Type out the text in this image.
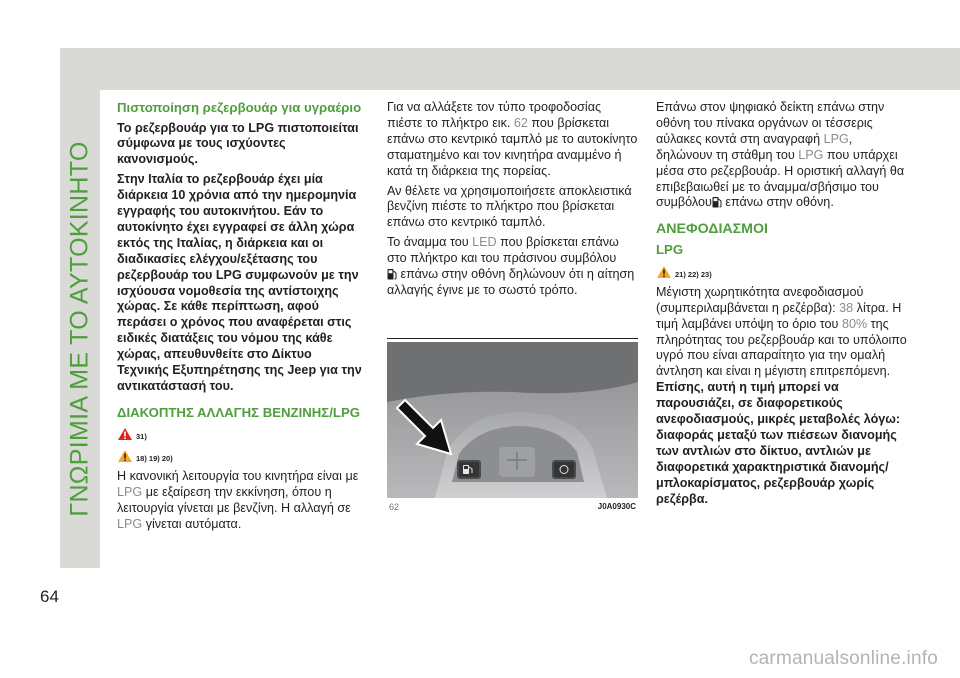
ΓΝΩΡΙΜΙΑ ΜΕ ΤΟ ΑΥΤΟΚΙΝΗΤΟ

Πιστοποίηση ρεζερβουάρ για υγραέριο

Το ρεζερβουάρ για το LPG πιστοποιείται σύμφωνα με τους ισχύοντες κανονισμούς.

Στην Ιταλία το ρεζερβουάρ έχει μία διάρκεια 10 χρόνια από την ημερομηνία εγγραφής του αυτοκινήτου. Εάν το αυτοκίνητο έχει εγγραφεί σε άλλη χώρα εκτός της Ιταλίας, η διάρκεια και οι διαδικασίες ελέγχου/εξέτασης του ρεζερβουάρ του LPG συμφωνούν με την ισχύουσα νομοθεσία της αντίστοιχης χώρας. Σε κάθε περίπτωση, αφού περάσει ο χρόνος που αναφέρεται στις ειδικές διατάξεις του νόμου της κάθε χώρας, απευθυνθείτε στο Δίκτυο Τεχνικής Εξυπηρέτησης της Jeep για την αντικατάστασή του.

ΔΙΑΚΟΠΤΗΣ ΑΛΛΑΓΗΣ ΒΕΝΖΙΝΗΣ/LPG

31)
18) 19) 20)

Η κανονική λειτουργία του κινητήρα είναι με LPG με εξαίρεση την εκκίνηση, όπου η λειτουργία γίνεται με βενζίνη. Η αλλαγή σε LPG γίνεται αυτόματα.

Για να αλλάξετε τον τύπο τροφοδοσίας πιέστε το πλήκτρο εικ. 62 που βρίσκεται επάνω στο κεντρικό ταμπλό με το αυτοκίνητο σταματημένο και τον κινητήρα αναμμένο ή κατά τη διάρκεια της πορείας.

Αν θέλετε να χρησιμοποιήσετε αποκλειστικά βενζίνη πιέστε το πλήκτρο που βρίσκεται επάνω στο κεντρικό ταμπλό.

Το άναμμα του LED που βρίσκεται επάνω στο πλήκτρο και του πράσινου συμβόλου
επάνω στην οθόνη δηλώνουν ότι η αίτηση αλλαγής έγινε με το σωστό τρόπο.

62	J0A0930C

Επάνω στον ψηφιακό δείκτη επάνω στην οθόνη του πίνακα οργάνων οι τέσσερις αύλακες κοντά στη αναγραφή LPG, δηλώνουν τη στάθμη του LPG που υπάρχει μέσα στο ρεζερβουάρ. Η οριστική αλλαγή θα επιβεβαιωθεί με το άναμμα/σβήσιμο του συμβόλου επάνω στην οθόνη.

ΑΝΕΦΟΔΙΑΣΜΟΙ

LPG

21) 22) 23)

Μέγιστη χωρητικότητα ανεφοδιασμού (συμπεριλαμβάνεται η ρεζέρβα): 38 λίτρα. Η τιμή λαμβάνει υπόψη το όριο του 80% της πληρότητας του ρεζερβουάρ και το υπόλοιπο υγρό που είναι απαραίτητο για την ομαλή άντληση και είναι η μέγιστη επιτρεπόμενη. Επίσης, αυτή η τιμή μπορεί να παρουσιάζει, σε διαφορετικούς ανεφοδιασμούς, μικρές μεταβολές λόγω: διαφοράς μεταξύ των πιέσεων διανομής των αντλιών στο δίκτυο, αντλιών με διαφορετικά χαρακτηριστικά διανομής/μπλοκαρίσματος, ρεζερβουάρ χωρίς ρεζέρβα.

64
carmanualsonline.info
